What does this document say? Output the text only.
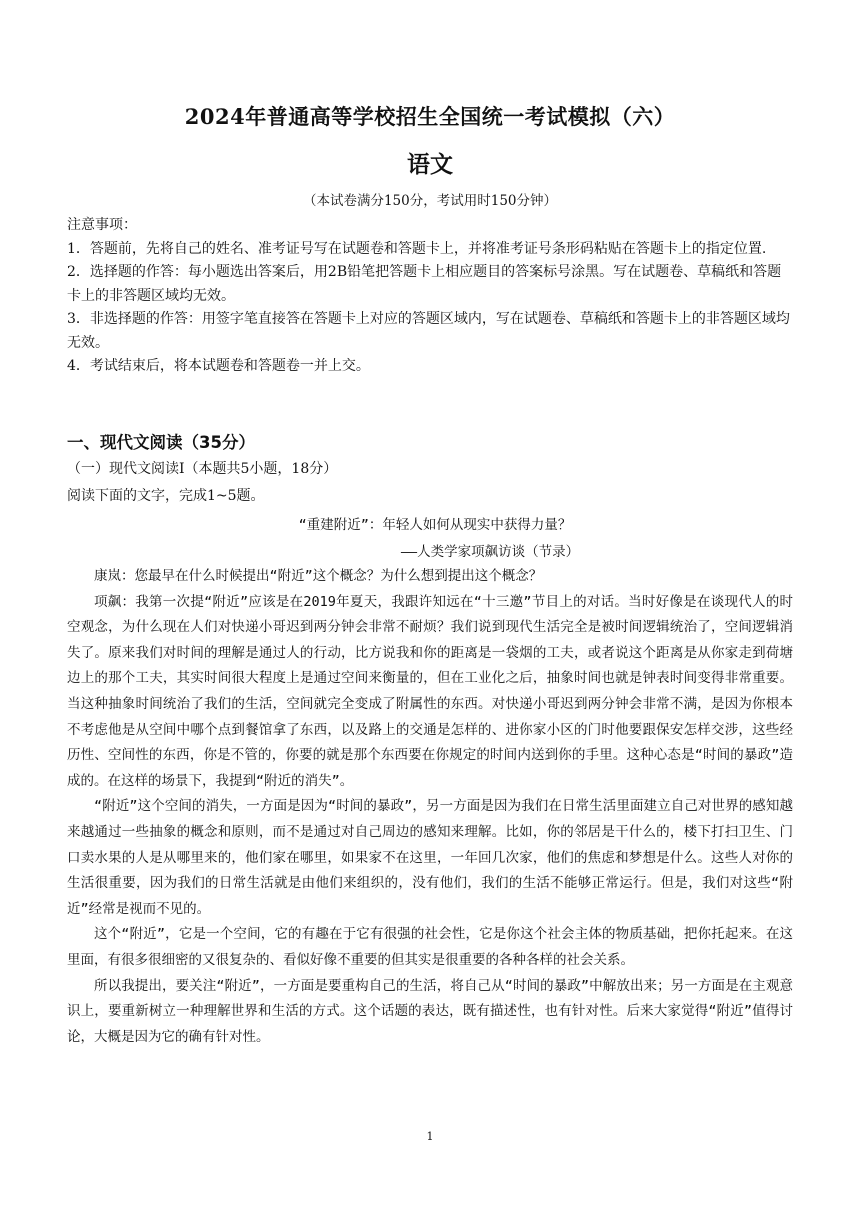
2024年普通高等学校招生全国统一考试模拟（六）
语文
（本试卷满分150分，考试用时150分钟）

注意事项：

1．答题前，先将自己的姓名、准考证号写在试题卷和答题卡上，并将准考证号条形码粘贴在答题卡上的指定位置.

2．选择题的作答：每小题选出答案后，用2B铅笔把答题卡上相应题目的答案标号涂黑。写在试题卷、草稿纸和答题卡上的非答题区域均无效。

3．非选择题的作答：用签字笔直接答在答题卡上对应的答题区域内，写在试题卷、草稿纸和答题卡上的非答题区域均无效。

4．考试结束后，将本试题卷和答题卷一并上交。

一、现代文阅读（35分）
（一）现代文阅读Ⅰ（本题共5小题，18分）
阅读下面的文字，完成1~5题。
“重建附近”：年轻人如何从现实中获得力量？
——人类学家项飙访谈（节录）

康岚：您最早在什么时候提出“附近”这个概念？为什么想到提出这个概念？

项飙：我第一次提“附近”应该是在2019年夏天，我跟许知远在“十三邀”节目上的对话。当时好像是在谈现代人的时空观念，为什么现在人们对快递小哥迟到两分钟会非常不耐烦？我们说到现代生活完全是被时间逻辑统治了，空间逻辑消失了。原来我们对时间的理解是通过人的行动，比方说我和你的距离是一袋烟的工夫，或者说这个距离是从你家走到荷塘边上的那个工夫，其实时间很大程度上是通过空间来衡量的，但在工业化之后，抽象时间也就是钟表时间变得非常重要。当这种抽象时间统治了我们的生活，空间就完全变成了附属性的东西。对快递小哥迟到两分钟会非常不满，是因为你根本不考虑他是从空间中哪个点到餐馆拿了东西，以及路上的交通是怎样的、进你家小区的门时他要跟保安怎样交涉，这些经历性、空间性的东西，你是不管的，你要的就是那个东西要在你规定的时间内送到你的手里。这种心态是“时间的暴政”造成的。在这样的场景下，我提到“附近的消失”。

“附近”这个空间的消失，一方面是因为“时间的暴政”，另一方面是因为我们在日常生活里面建立自己对世界的感知越来越通过一些抽象的概念和原则，而不是通过对自己周边的感知来理解。比如，你的邻居是干什么的，楼下打扫卫生、门口卖水果的人是从哪里来的，他们家在哪里，如果家不在这里，一年回几次家，他们的焦虑和梦想是什么。这些人对你的生活很重要，因为我们的日常生活就是由他们来组织的，没有他们，我们的生活不能够正常运行。但是，我们对这些“附近”经常是视而不见的。

这个“附近”，它是一个空间，它的有趣在于它有很强的社会性，它是你这个社会主体的物质基础，把你托起来。在这里面，有很多很细密的又很复杂的、看似好像不重要的但其实是很重要的各种各样的社会关系。

所以我提出，要关注“附近”，一方面是要重构自己的生活，将自己从“时间的暴政”中解放出来；另一方面是在主观意识上，要重新树立一种理解世界和生活的方式。这个话题的表达，既有描述性，也有针对性。后来大家觉得“附近”值得讨论，大概是因为它的确有针对性。

1
